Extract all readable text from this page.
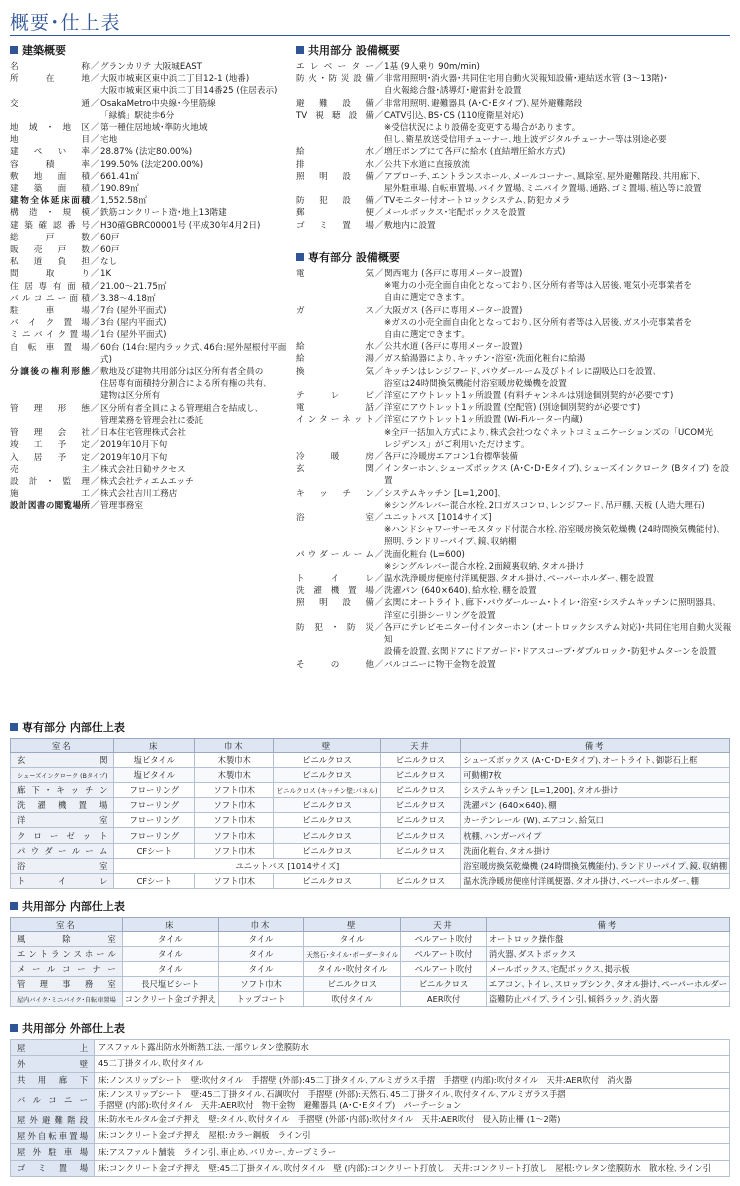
概要･仕上表
建築概要
名称 ／ グランカリテ 大阪城EAST
所在地 ／ 大阪市城東区東中浜二丁目12-1 (地番)
大阪市城東区東中浜二丁目14番25 (住居表示)
交通 ／ OsakaMetro中央線･今里筋線
「緑橋」駅徒歩6分
地域･地区 ／ 第一種住居地域･準防火地域
地目 ／ 宅地
建ぺい率 ／ 28.87% (法定80.00%)
容積率 ／ 199.50% (法定200.00%)
敷地面積 ／ 661.41㎡
建築面積 ／ 190.89㎡
建物全体延床面積 ／ 1,552.58㎡
構造･規模 ／ 鉄筋コンクリート造･地上13階建
建築確認番号 ／ H30確GBRC00001号 (平成30年4月2日)
総戸数 ／ 60戸
販売戸数 ／ 60戸
私道負担 ／ なし
間取り ／ 1K
住居専有面積 ／ 21.00～21.75㎡
バルコニー面積 ／ 3.38～4.18㎡
駐車場 ／ 7台 (屋外平面式)
バイク置場 ／ 3台 (屋内平面式)
ミニバイク置場 ／ 1台 (屋外平面式)
自転車置場 ／ 60台 (14台:屋内ラック式､46台:屋外屋根付平面式)
分譲後の権利形態 ／ 敷地及び建物共用部分は区分所有者全員の
住居専有面積持分割合による所有権の共有､
建物は区分所有
管理形態 ／ 区分所有者全員による管理組合を結成し､
管理業務を管理会社に委託
管理会社 ／ 日本住宅管理株式会社
竣工予定 ／ 2019年10月下旬
入居予定 ／ 2019年10月下旬
売主 ／ 株式会社日勧サクセス
設計･監理 ／ 株式会社ティエムエッチ
施工 ／ 株式会社吉川工務店
設計図書の閲覧場所 ／ 管理事務室
共用部分 設備概要
エレベーター ／ 1基 (9人乗り 90m/min)
防火･防災設備 ／ 非常用照明･消火器･共同住宅用自動火災報知設備･連結送水管 (3～13階)･
自火報総合盤･誘導灯･避雷針を設置
避難設備 ／ 非常用照明､避難器具 (A･C･Eタイプ)､屋外避難階段
TV視聴設備 ／ CATV引込､BS･CS (110度衛星対応)
※受信状況により設備を変更する場合があります｡
但し､衛星放送受信用チューナー､地上波デジタルチューナー等は別途必要
給水 ／ 増圧ポンプにて各戸に給水 (直結増圧給水方式)
排水 ／ 公共下水道に直接放流
照明設備 ／ アプローチ､エントランスホール､メールコーナー､風除室､屋外避難階段､共用廊下､
屋外駐車場､自転車置場､バイク置場､ミニバイク置場､通路､ゴミ置場､植込等に設置
防犯設備 ／ TVモニター付オートロックシステム､防犯カメラ
郵便 ／ メールボックス･宅配ボックスを設置
ゴミ置場 ／ 敷地内に設置
専有部分 設備概要
電気 ／ 関西電力 (各戸に専用メーター設置)
※電力の小売全面自由化となっており､区分所有者等は入居後､電気小売事業者を
自由に選定できます｡
ガス ／ 大阪ガス (各戸に専用メーター設置)
※ガスの小売全面自由化となっており､区分所有者等は入居後､ガス小売事業者を
自由に選定できます｡
給水 ／ 公共水道 (各戸に専用メーター設置)
給湯 ／ ガス給湯器により､キッチン･浴室･洗面化粧台に給湯
換気 ／ キッチンはレンジフード､パウダールーム及びトイレに副吸込口を設置､
浴室は24時間換気機能付浴室暖房乾燥機を設置
テレビ ／ 洋室にアウトレット1ヶ所設置 (有料チャンネルは別途個別契約が必要です)
電話 ／ 洋室にアウトレット1ヶ所設置 (空配管) (別途個別契約が必要です)
インターネット ／ 洋室にアウトレット1ヶ所設置 (Wi-Fiルーター内蔵)
※全戸一括加入方式により､株式会社つなぐネットコミュニケーションズの「UCOM光
レジデンス」がご利用いただけます｡
冷暖房 ／ 各戸に冷暖房エアコン1台標準装備
玄関 ／ インターホン､シューズボックス (A･C･D･Eタイプ)､シューズインクローク (Bタイプ) を設置
キッチン ／ システムキッチン [L=1,200]､
※シングルレバー混合水栓､2口ガスコンロ､レンジフード､吊戸棚､天板 (人造大理石)
浴室 ／ ユニットバス [1014サイズ]
※ハンドシャワーサーモスタッド付混合水栓､浴室暖房換気乾燥機 (24時間換気機能付)､
照明､ランドリーパイプ､鏡､収納棚
パウダールーム ／ 洗面化粧台 (L=600)
※シングルレバー混合水栓､2面鏡裏収納､タオル掛け
トイレ ／ 温水洗浄暖房便座付洋風便器､タオル掛け､ペーパーホルダー､棚を設置
洗濯機置場 ／ 洗濯パン (640×640)､給水栓､棚を設置
照明設備 ／ 玄関にオートライト､廊下･パウダールーム･トイレ･浴室･システムキッチンに照明器具､
洋室に引掛シーリングを設置
防犯･防災 ／ 各戸にテレビモニター付インターホン (オートロックシステム対応)･共同住宅用自動火災報知
設備を設置､玄関ドアにドアガード･ドアスコープ･ダブルロック･防犯サムターンを設置
その他 ／ バルコニーに物干金物を設置
専有部分 内部仕上表
室名	床	巾木	壁	天井	備考
玄関	塩ビタイル	木製巾木	ビニルクロス	ビニルクロス	シューズボックス (A･C･D･Eタイプ)､オートライト､御影石上框
シューズインクローク (Bタイプ)	塩ビタイル	木製巾木	ビニルクロス	ビニルクロス	可動棚7枚
廊下･キッチン	フローリング	ソフト巾木	ビニルクロス (キッチン壁:パネル)	ビニルクロス	システムキッチン [L=1,200]､タオル掛け
洗濯機置場	フローリング	ソフト巾木	ビニルクロス	ビニルクロス	洗濯パン (640×640)､棚
洋室	フローリング	ソフト巾木	ビニルクロス	ビニルクロス	カーテンレール (W)､エアコン､給気口
クローゼット	フローリング	ソフト巾木	ビニルクロス	ビニルクロス	枕棚､ハンガーパイプ
パウダールーム	CFシート	ソフト巾木	ビニルクロス	ビニルクロス	洗面化粧台､タオル掛け
浴室	ユニットバス [1014サイズ]				浴室暖房換気乾燥機 (24時間換気機能付)､ランドリーパイプ､鏡､収納棚
トイレ	CFシート	ソフト巾木	ビニルクロス	ビニルクロス	温水洗浄暖房便座付洋風便器､タオル掛け､ペーパーホルダー､棚
共用部分 内部仕上表
室名	床	巾木	壁	天井	備考
風除室	タイル	タイル	タイル	ペルアート吹付	オートロック操作盤
エントランスホール	タイル	タイル	天然石･タイル･ボーダータイル	ペルアート吹付	消火器､ダストボックス
メールコーナー	タイル	タイル	タイル･吹付タイル	ペルアート吹付	メールボックス､宅配ボックス､掲示板
管理事務室	長尺塩ビシート	ソフト巾木	ビニルクロス	ビニルクロス	エアコン､トイレ､スロップシンク､タオル掛け､ペーパーホルダー
屋内バイク･ミニバイク･自転車置場	コンクリート金ゴテ押え	トップコート	吹付タイル	AER吹付	盗難防止パイプ､ライン引､傾斜ラック､消火器
共用部分 外部仕上表
屋上	アスファルト露出防水外断熱工法､一部ウレタン塗膜防水
外壁	45二丁掛タイル､吹付タイル
共用廊下	床:ノンスリップシート　壁:吹付タイル　手摺壁 (外部):45二丁掛タイル､アルミガラス手摺　手摺壁 (内部):吹付タイル　天井:AER吹付　消火器
バルコニー	床:ノンスリップシート　壁:45二丁掛タイル､石調吹付　手摺壁 (外部):天然石､45二丁掛タイル､吹付タイル､アルミガラス手摺
手摺壁 (内部):吹付タイル　天井:AER吹付　物干金物　避難器具 (A･C･Eタイプ)　パーテーション
屋外避難階段	床:防水モルタル金ゴテ押え　壁:タイル､吹付タイル　手摺壁 (外部･内部):吹付タイル　天井:AER吹付　侵入防止柵 (1～2階)
屋外自転車置場	床:コンクリート金ゴテ押え　屋根:カラー鋼板　ライン引
屋外駐車場	床:アスファルト舗装　ライン引､車止め､バリカー､カーブミラー
ゴミ置場	床:コンクリート金ゴテ押え　壁:45二丁掛タイル､吹付タイル　壁 (内部):コンクリート打放し　天井:コンクリート打放し　屋根:ウレタン塗膜防水　散水栓､ライン引
